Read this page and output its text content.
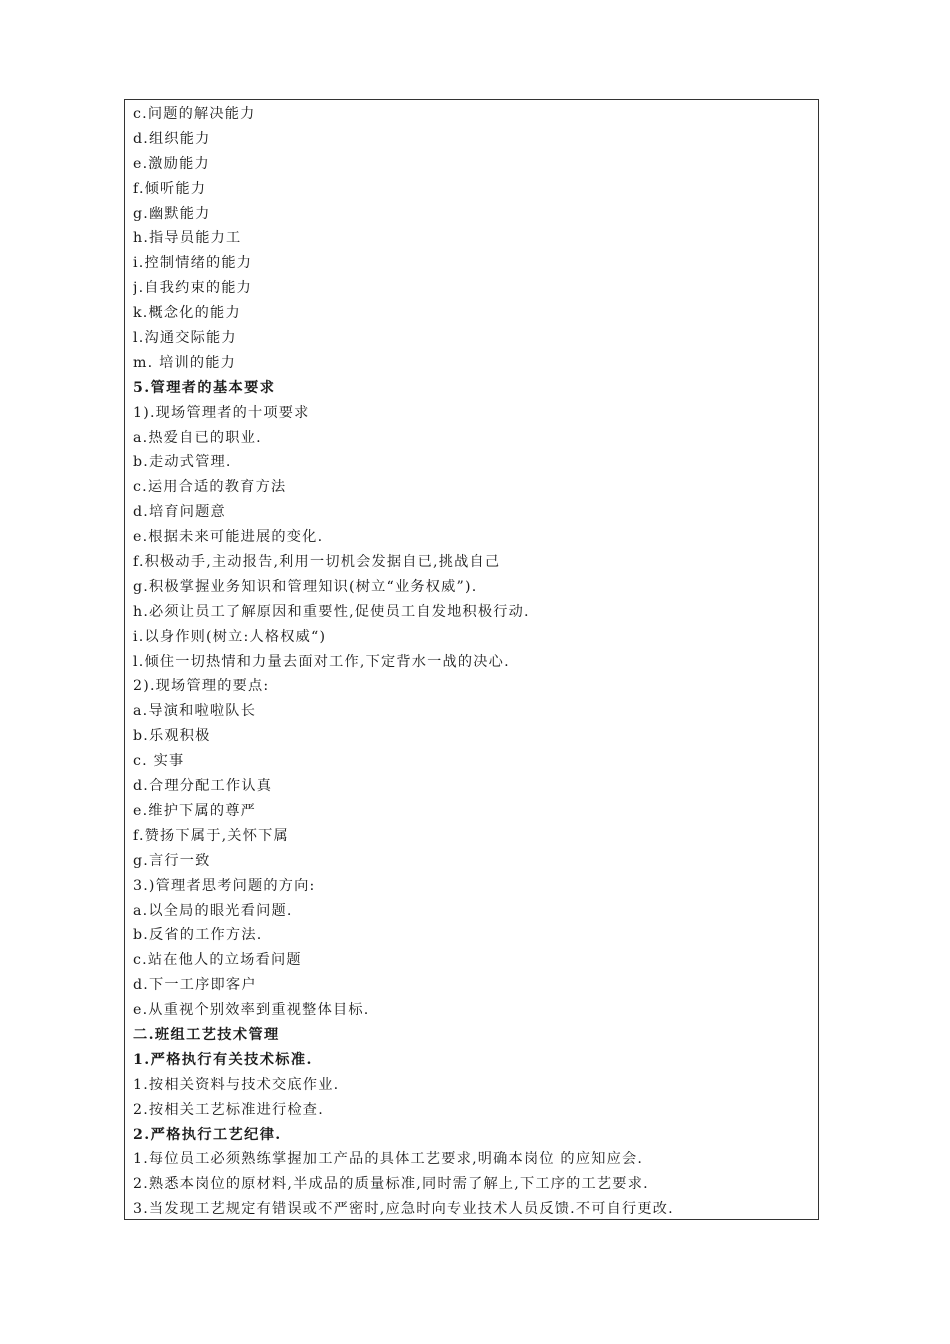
c.问题的解决能力
d.组织能力
e.激励能力
f.倾听能力
g.幽默能力
h.指导员能力工
i.控制情绪的能力
j.自我约束的能力
k.概念化的能力
l.沟通交际能力
m. 培训的能力
5.管理者的基本要求
1).现场管理者的十项要求
a.热爱自已的职业.
b.走动式管理.
c.运用合适的教育方法
d.培育问题意
e.根据未来可能进展的变化.
f.积极动手,主动报告,利用一切机会发据自已,挑战自己
g.积极掌握业务知识和管理知识(树立“业务权威”).
h.必须让员工了解原因和重要性,促使员工自发地积极行动.
i.以身作则(树立:人格权威“)
l.倾住一切热情和力量去面对工作,下定背水一战的决心.
2).现场管理的要点:
a.导演和啦啦队长
b.乐观积极
c. 实事
d.合理分配工作认真
e.维护下属的尊严
f.赞扬下属于,关怀下属
g.言行一致
3.)管理者思考问题的方向:
a.以全局的眼光看问题.
b.反省的工作方法.
c.站在他人的立场看问题
d.下一工序即客户
e.从重视个别效率到重视整体目标.
二.班组工艺技术管理
1.严格执行有关技术标准.
1.按相关资料与技术交底作业.
2.按相关工艺标准进行检查.
2.严格执行工艺纪律.
1.每位员工必须熟练掌握加工产品的具体工艺要求,明确本岗位 的应知应会.
2.熟悉本岗位的原材料,半成品的质量标准,同时需了解上,下工序的工艺要求.
3.当发现工艺规定有错误或不严密时,应急时向专业技术人员反馈.不可自行更改.
